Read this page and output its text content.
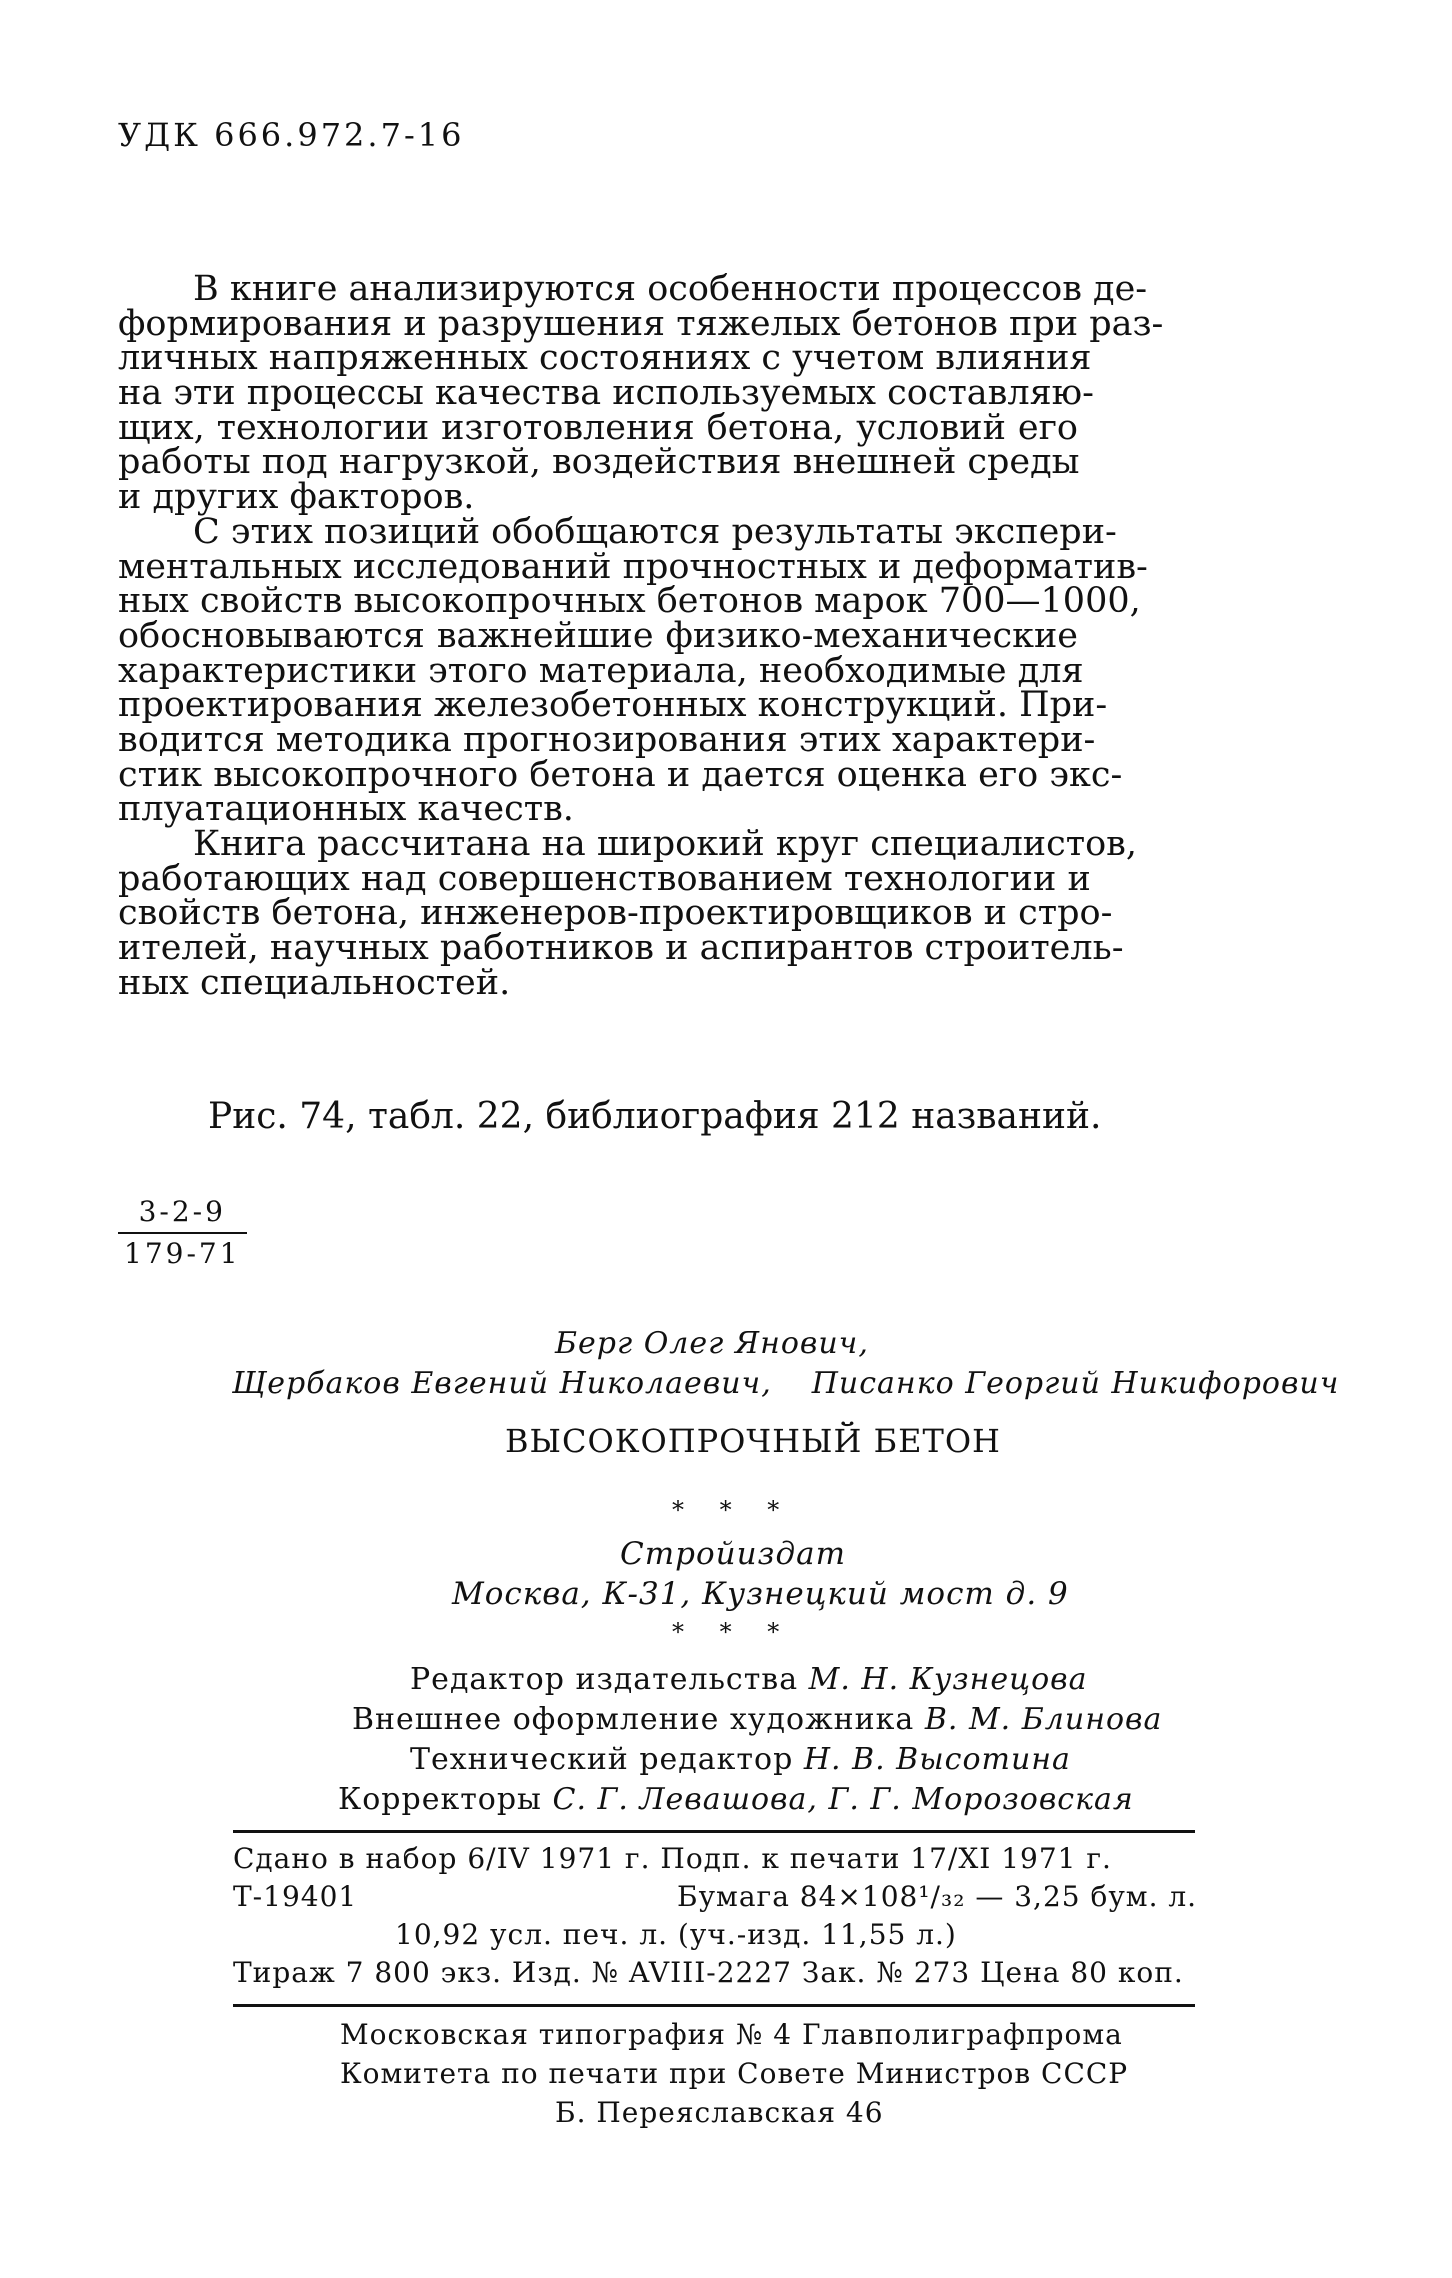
УДК 666.972.7-16
В книге анализируются особенности процессов де-
формирования и разрушения тяжелых бетонов при раз-
личных напряженных состояниях с учетом влияния
на эти процессы качества используемых составляю-
щих, технологии изготовления бетона, условий его
работы под нагрузкой, воздействия внешней среды
и других факторов.
С этих позиций обобщаются результаты экспери-
ментальных исследований прочностных и деформатив-
ных свойств высокопрочных бетонов марок 700—1000,
обосновываются важнейшие физико-механические
характеристики этого материала, необходимые для
проектирования железобетонных конструкций. При-
водится методика прогнозирования этих характери-
стик высокопрочного бетона и дается оценка его экс-
плуатационных качеств.
Книга рассчитана на широкий круг специалистов,
работающих над совершенствованием технологии и
свойств бетона, инженеров-проектировщиков и стро-
ителей, научных работников и аспирантов строитель-
ных специальностей.
Рис. 74, табл. 22, библиография 212 названий.
$\frac{3-2-9}{179-71}$
Берг Олег Янович,
Щербаков Евгений Николаевич, Писанко Георгий Никифорович
ВЫСОКОПРОЧНЫЙ БЕТОН
* * *
Стройиздат
Москва, К-31, Кузнецкий мост д. 9
* * *
Редактор издательства М. Н. Кузнецова
Внешнее оформление художника В. М. Блинова
Технический редактор Н. В. Высотина
Корректоры С. Г. Левашова, Г. Г. Морозовская
Сдано в набор 6/IV 1971 г. Подп. к печати 17/XI 1971 г.
Т-19401	Бумага 84×108¹/₃₂ — 3,25 бум. л.
10,92 усл. печ. л. (уч.-изд. 11,55 л.)
Тираж 7 800 экз. Изд. № AVIII-2227 Зак. № 273 Цена 80 коп.
Московская типография № 4 Главполиграфпрома
Комитета по печати при Совете Министров СССР
Б. Переяславская 46
